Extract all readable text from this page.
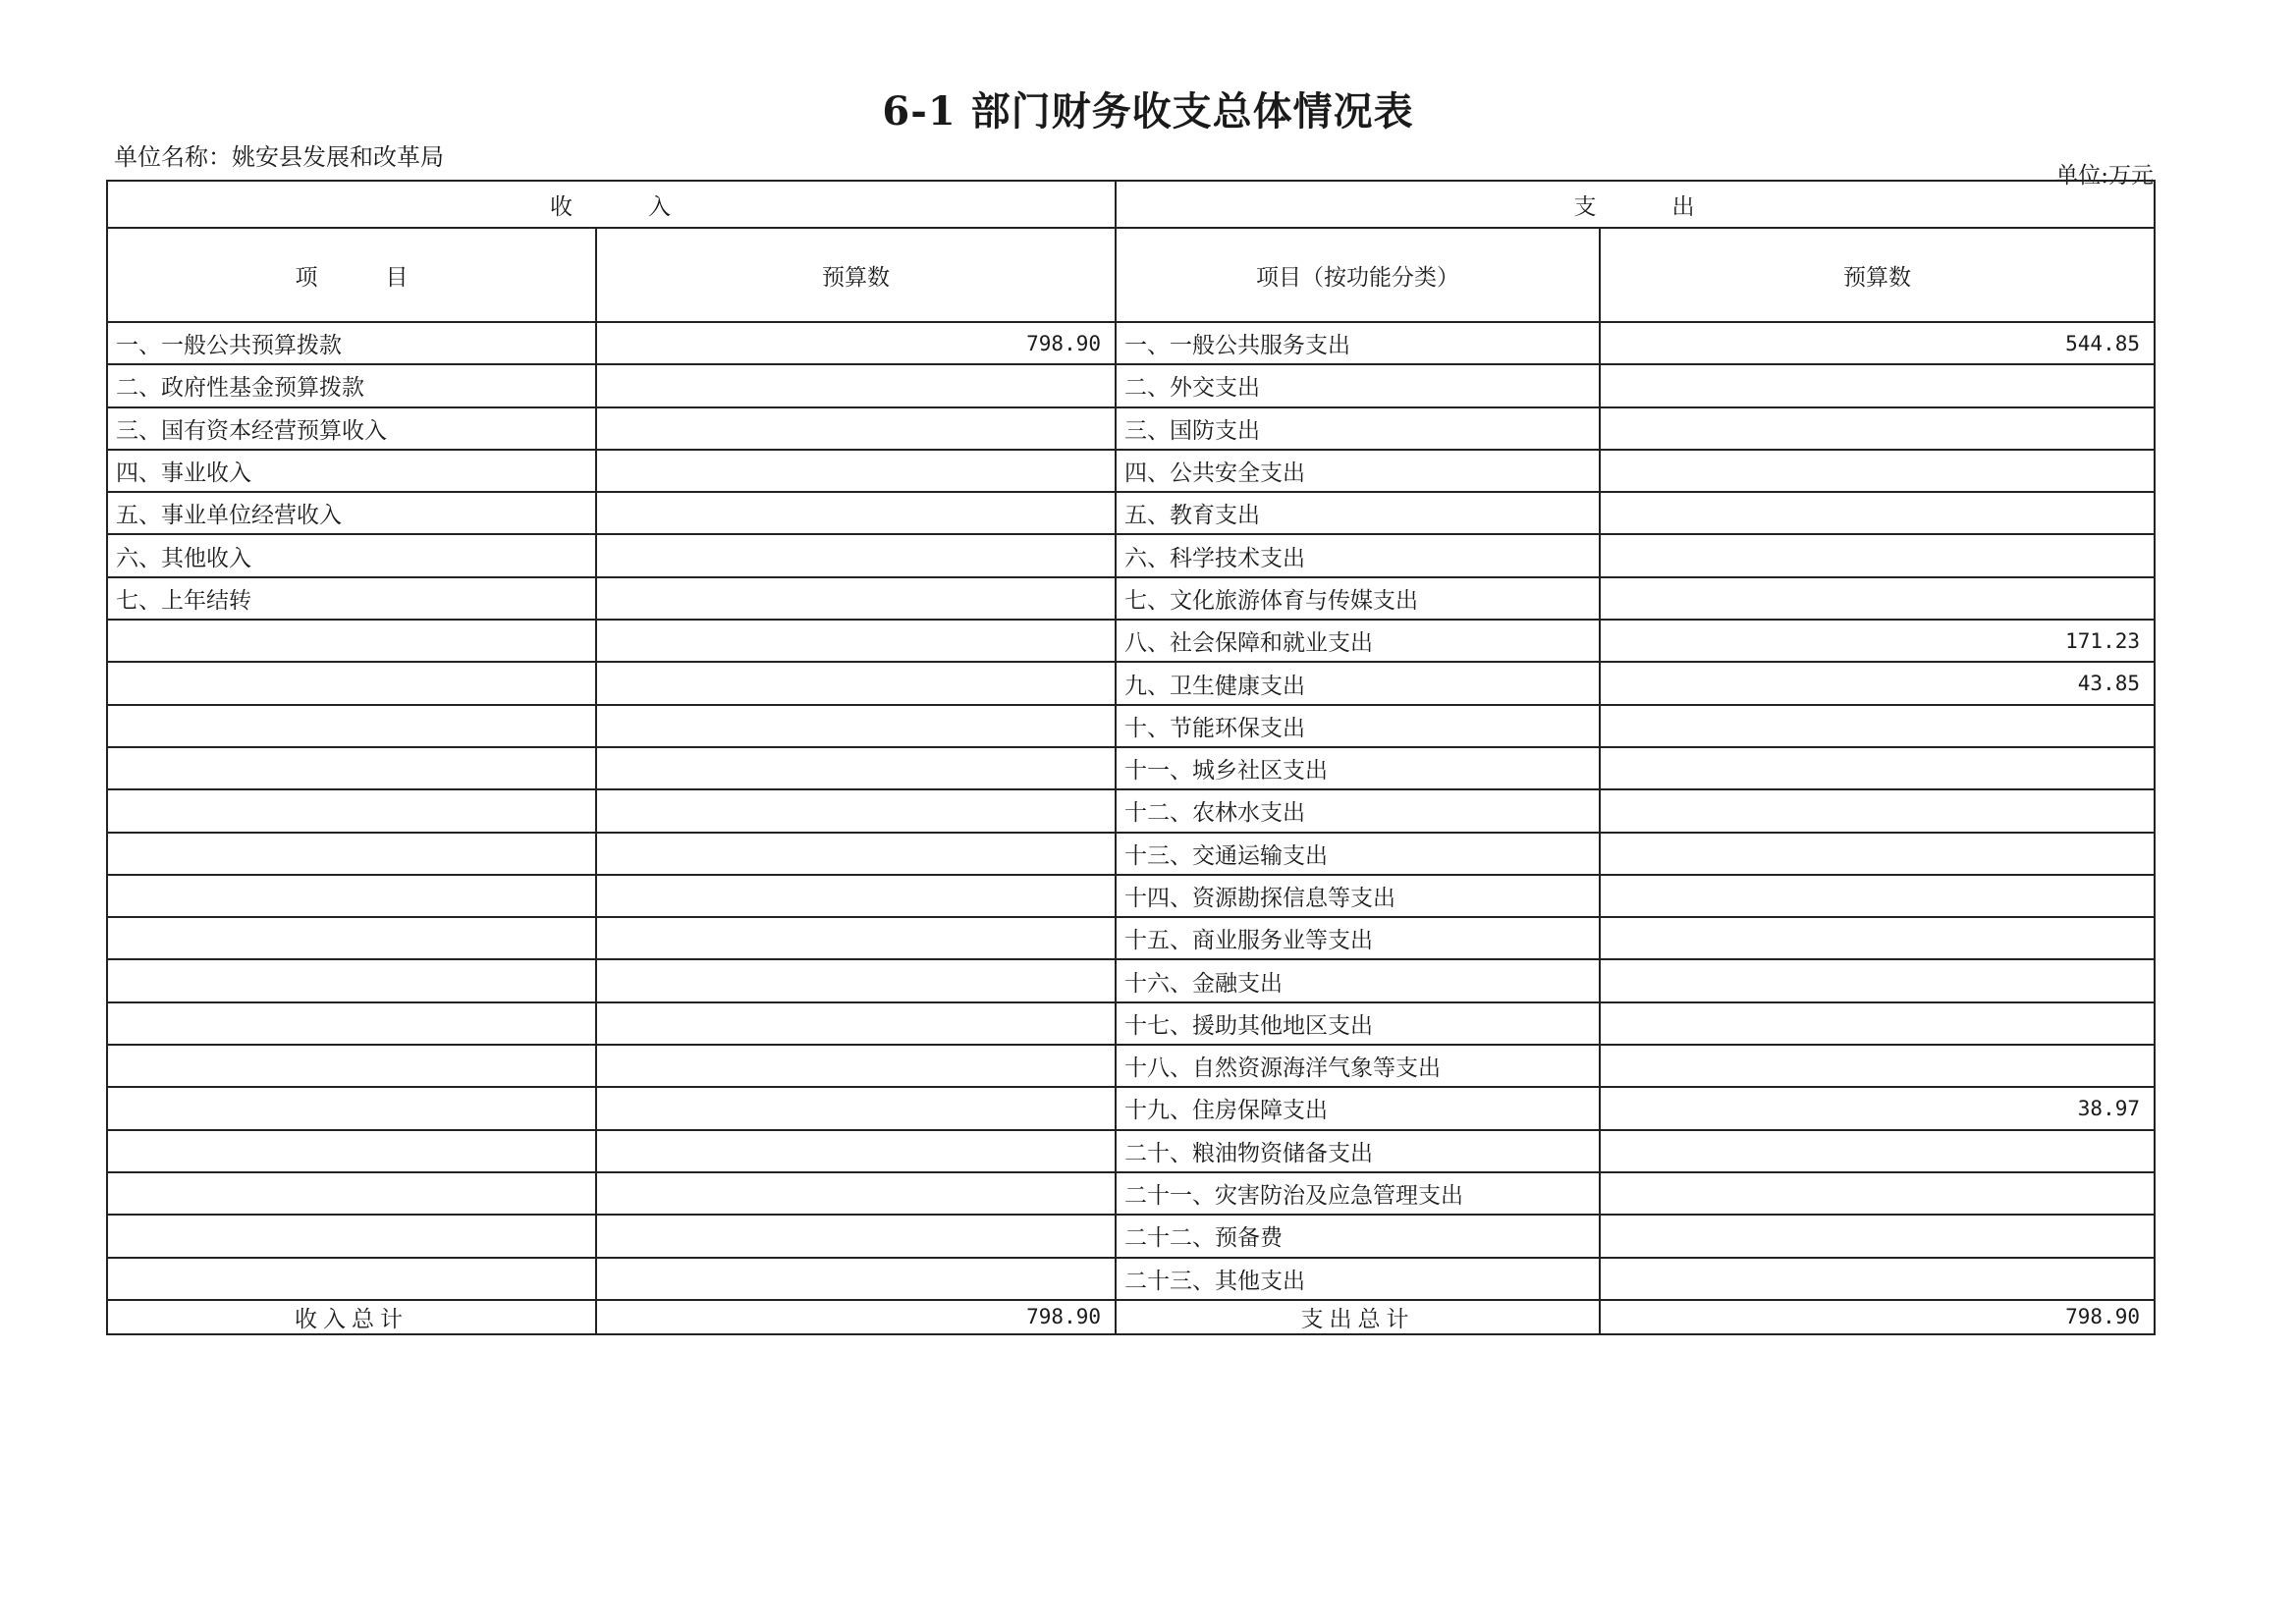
6-1 部门财务收支总体情况表
单位名称：姚安县发展和改革局
单位:万元
收　　　入		支　　　出	
项　　　目	预算数	项目（按功能分类）	预算数
一、一般公共预算拨款	798.90	一、一般公共服务支出	544.85
二、政府性基金预算拨款		二、外交支出	
三、国有资本经营预算收入		三、国防支出	
四、事业收入		四、公共安全支出	
五、事业单位经营收入		五、教育支出	
六、其他收入		六、科学技术支出	
七、上年结转		七、文化旅游体育与传媒支出	
		八、社会保障和就业支出	171.23
		九、卫生健康支出	43.85
		十、节能环保支出	
		十一、城乡社区支出	
		十二、农林水支出	
		十三、交通运输支出	
		十四、资源勘探信息等支出	
		十五、商业服务业等支出	
		十六、金融支出	
		十七、援助其他地区支出	
		十八、自然资源海洋气象等支出	
		十九、住房保障支出	38.97
		二十、粮油物资储备支出	
		二十一、灾害防治及应急管理支出	
		二十二、预备费	
		二十三、其他支出	
收入总计	798.90	支出总计	798.90
